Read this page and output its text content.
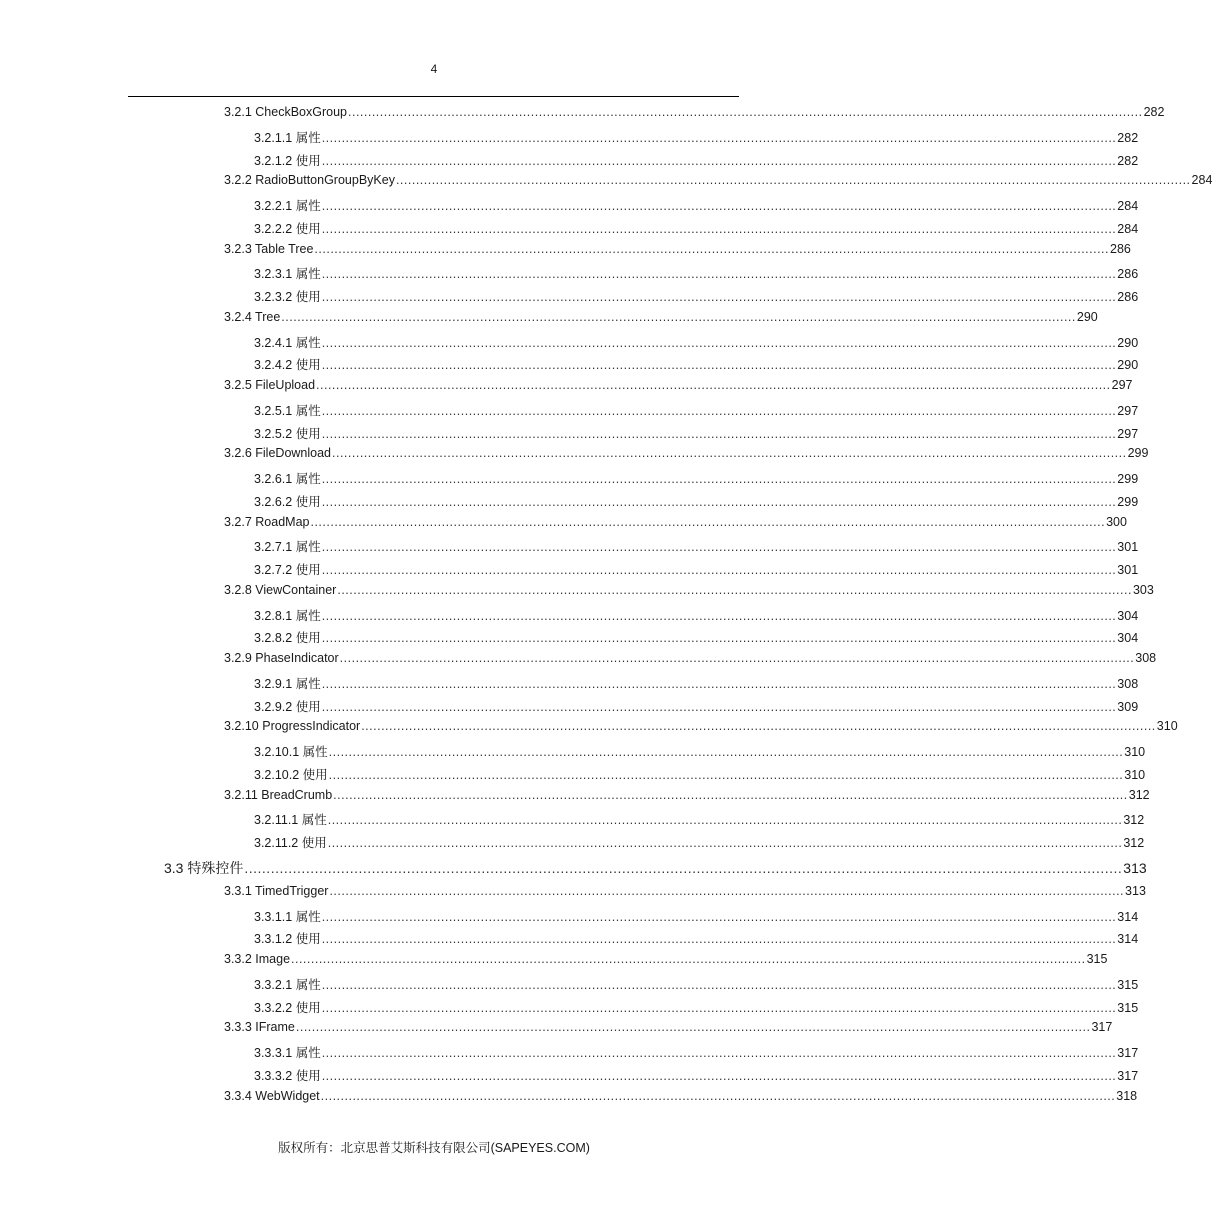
4
3.2.1 CheckBoxGroup ........................................................................................................................................................................................................ 282
3.2.1.1 属性 ........................................................................................................................................................................................................ 282
3.2.1.2 使用 ........................................................................................................................................................................................................ 282
3.2.2 RadioButtonGroupByKey ........................................................................................................................................................................................................ 284
3.2.2.1 属性 ........................................................................................................................................................................................................ 284
3.2.2.2 使用 ........................................................................................................................................................................................................ 284
3.2.3 Table Tree ........................................................................................................................................................................................................ 286
3.2.3.1 属性 ........................................................................................................................................................................................................ 286
3.2.3.2 使用 ........................................................................................................................................................................................................ 286
3.2.4 Tree ........................................................................................................................................................................................................ 290
3.2.4.1 属性 ........................................................................................................................................................................................................ 290
3.2.4.2 使用 ........................................................................................................................................................................................................ 290
3.2.5 FileUpload ........................................................................................................................................................................................................ 297
3.2.5.1 属性 ........................................................................................................................................................................................................ 297
3.2.5.2 使用 ........................................................................................................................................................................................................ 297
3.2.6 FileDownload ........................................................................................................................................................................................................ 299
3.2.6.1 属性 ........................................................................................................................................................................................................ 299
3.2.6.2 使用 ........................................................................................................................................................................................................ 299
3.2.7 RoadMap ........................................................................................................................................................................................................ 300
3.2.7.1 属性 ........................................................................................................................................................................................................ 301
3.2.7.2 使用 ........................................................................................................................................................................................................ 301
3.2.8 ViewContainer ........................................................................................................................................................................................................ 303
3.2.8.1 属性 ........................................................................................................................................................................................................ 304
3.2.8.2 使用 ........................................................................................................................................................................................................ 304
3.2.9 PhaseIndicator ........................................................................................................................................................................................................ 308
3.2.9.1 属性 ........................................................................................................................................................................................................ 308
3.2.9.2 使用 ........................................................................................................................................................................................................ 309
3.2.10 ProgressIndicator ........................................................................................................................................................................................................ 310
3.2.10.1 属性 ........................................................................................................................................................................................................ 310
3.2.10.2 使用 ........................................................................................................................................................................................................ 310
3.2.11 BreadCrumb ........................................................................................................................................................................................................ 312
3.2.11.1 属性 ........................................................................................................................................................................................................ 312
3.2.11.2 使用 ........................................................................................................................................................................................................ 312
3.3 特殊控件 ........................................................................................................................................................................................................ 313
3.3.1 TimedTrigger ........................................................................................................................................................................................................ 313
3.3.1.1 属性 ........................................................................................................................................................................................................ 314
3.3.1.2 使用 ........................................................................................................................................................................................................ 314
3.3.2 Image ........................................................................................................................................................................................................ 315
3.3.2.1 属性 ........................................................................................................................................................................................................ 315
3.3.2.2 使用 ........................................................................................................................................................................................................ 315
3.3.3 IFrame ........................................................................................................................................................................................................ 317
3.3.3.1 属性 ........................................................................................................................................................................................................ 317
3.3.3.2 使用 ........................................................................................................................................................................................................ 317
3.3.4 WebWidget ........................................................................................................................................................................................................ 318
版权所有：北京思普艾斯科技有限公司(SAPEYES.COM)
